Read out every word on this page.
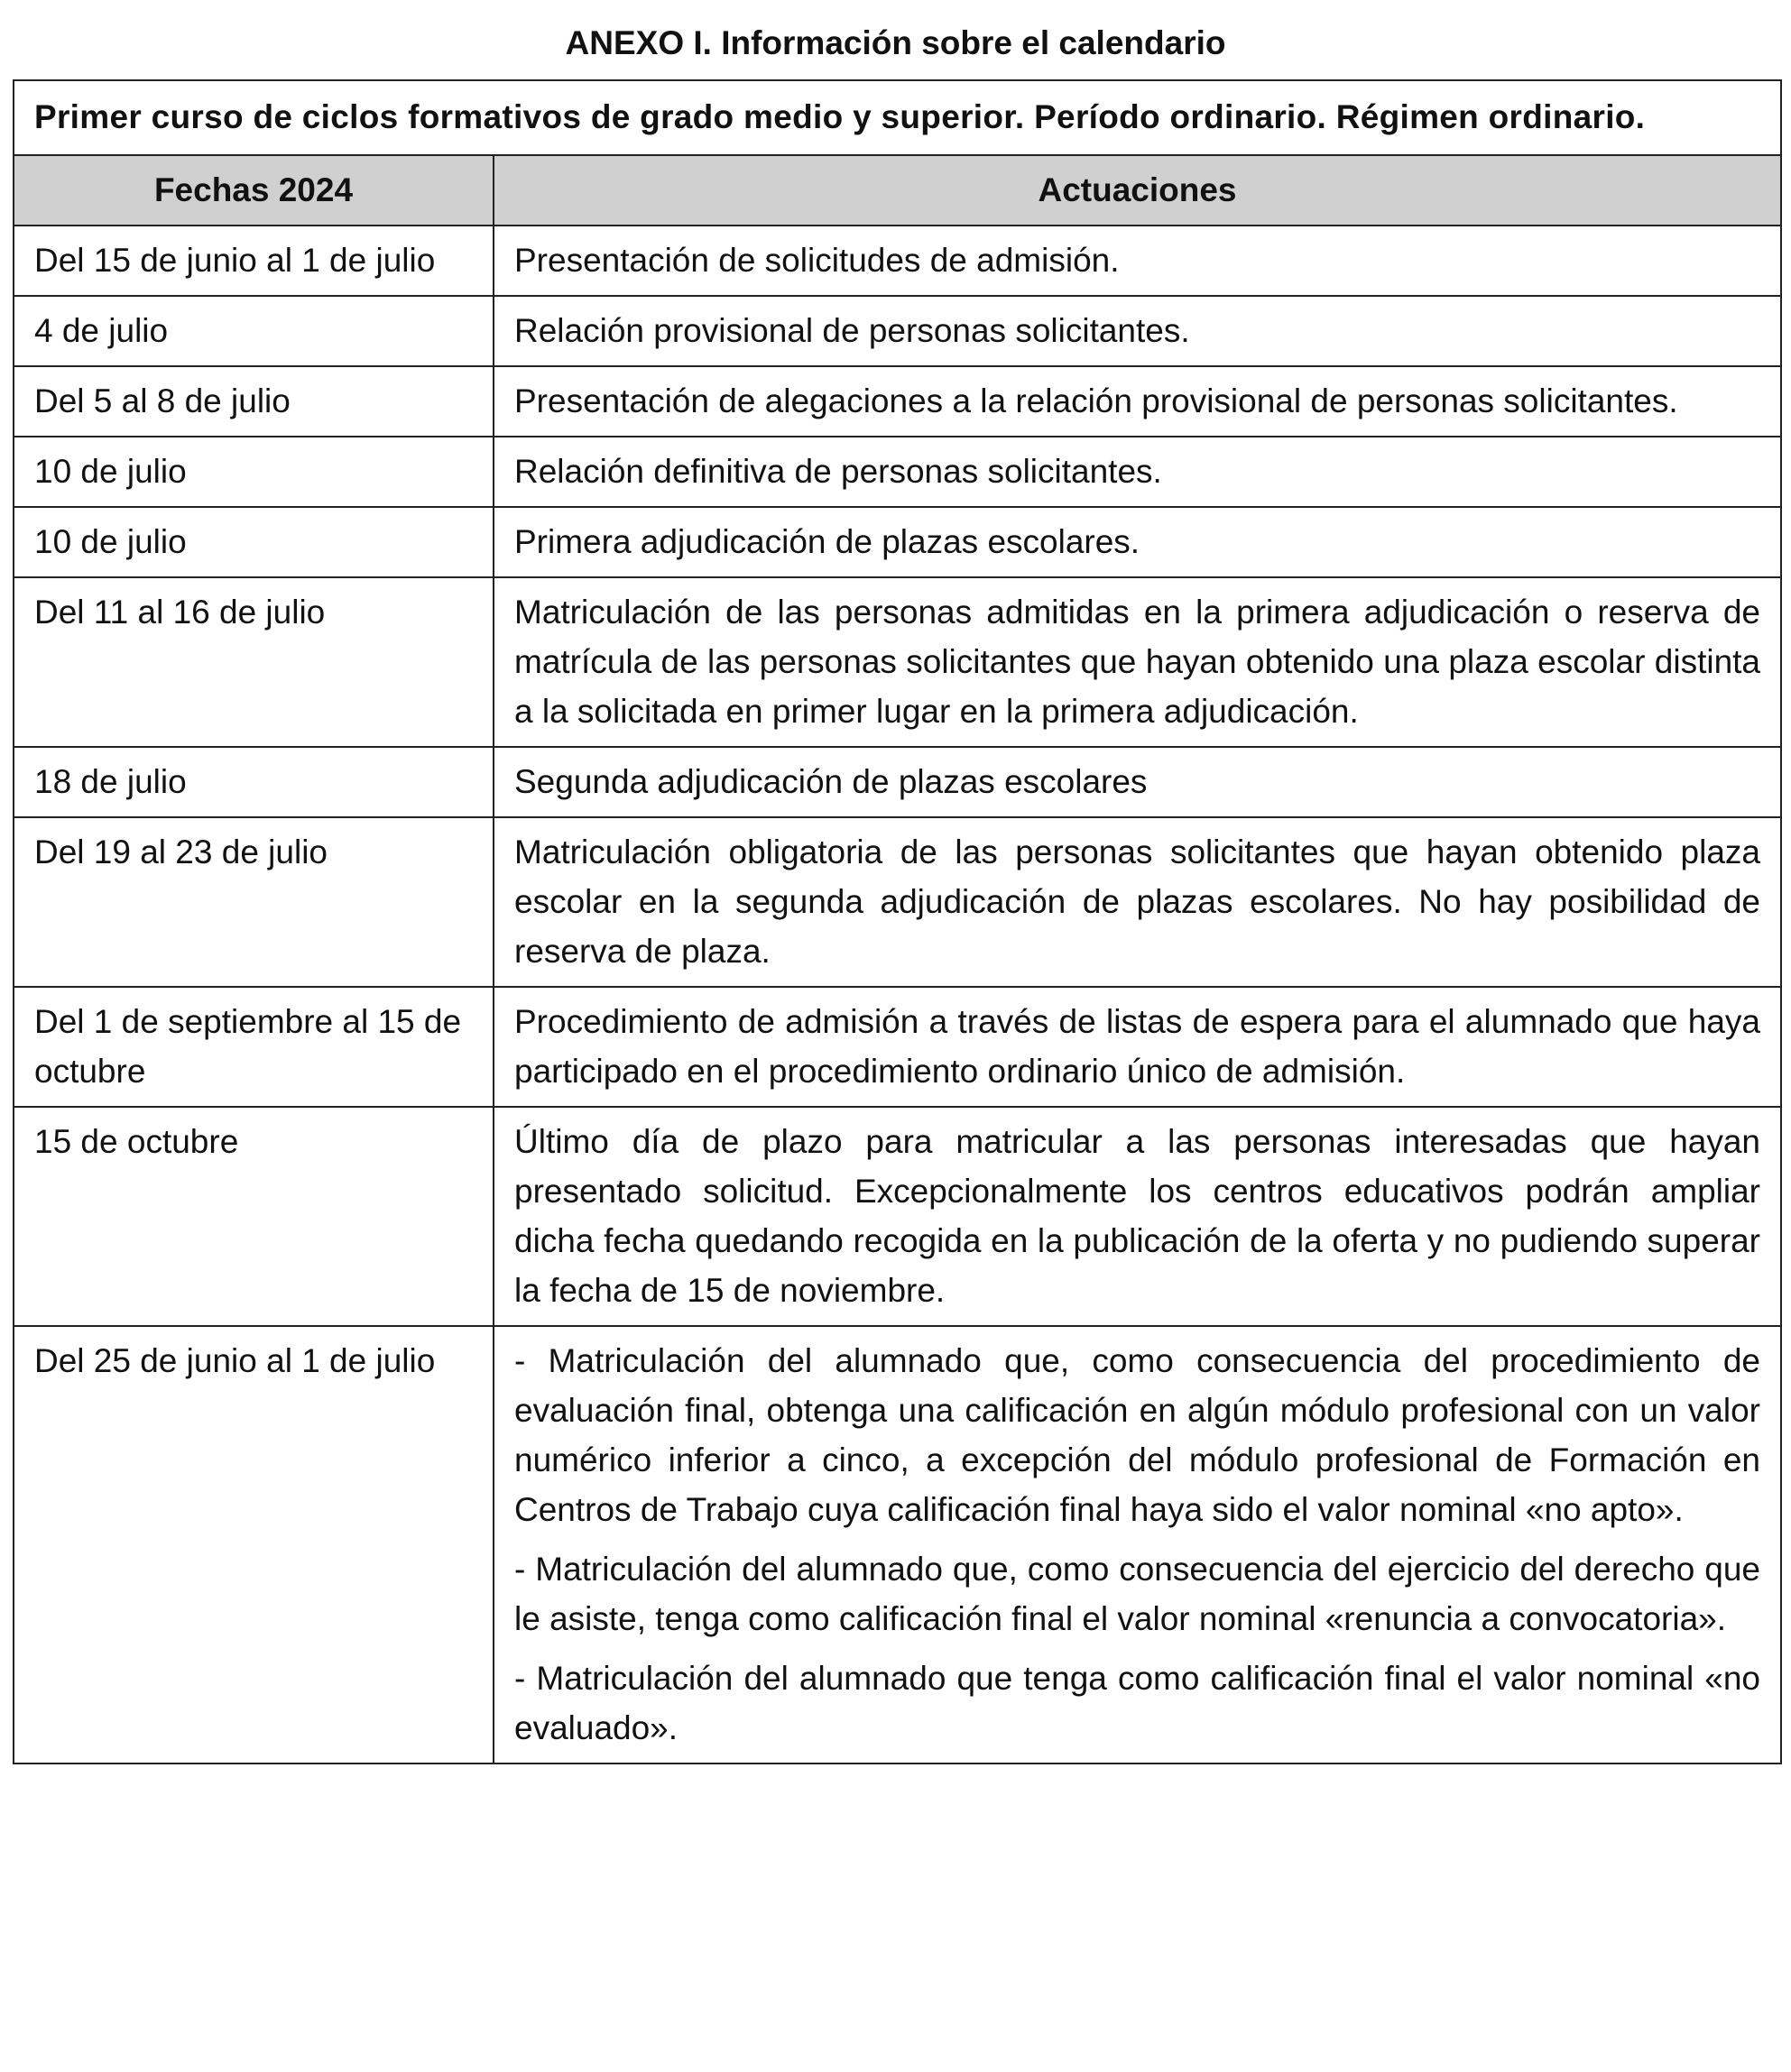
ANEXO I. Información sobre el calendario
Primer curso de ciclos formativos de grado medio y superior. Período ordinario. Régimen ordinario.	
Fechas 2024	Actuaciones
Del 15 de junio al 1 de julio	Presentación de solicitudes de admisión.

4 de julio	Relación provisional de personas solicitantes.

Del 5 al 8 de julio	Presentación de alegaciones a la relación provisional de personas solicitantes.

10 de julio	Relación definitiva de personas solicitantes.

10 de julio	Primera adjudicación de plazas escolares.

Del 11 al 16 de julio	Matriculación de las personas admitidas en la primera adjudicación o reserva de matrícula de las personas solicitantes que hayan obtenido una plaza escolar distinta a la solicitada en primer lugar en la primera adjudicación.

18 de julio	Segunda adjudicación de plazas escolares

Del 19 al 23 de julio	Matriculación obligatoria de las personas solicitantes que hayan obtenido plaza escolar en la segunda adjudicación de plazas escolares. No hay posibilidad de reserva de plaza.

Del 1 de septiembre al 15 de octubre	Procedimiento de admisión a través de listas de espera para el alumnado que haya participado en el procedimiento ordinario único de admisión.

15 de octubre	Último día de plazo para matricular a las personas interesadas que hayan presentado solicitud. Excepcionalmente los centros educativos podrán ampliar dicha fecha quedando recogida en la publicación de la oferta y no pudiendo superar la fecha de 15 de noviembre.

Del 25 de junio al 1 de julio	- Matriculación del alumnado que, como consecuencia del procedimiento de evaluación final, obtenga una calificación en algún módulo profesional con un valor numérico inferior a cinco, a excepción del módulo profesional de Formación en Centros de Trabajo cuya calificación final haya sido el valor nominal «no apto».
- Matriculación del alumnado que, como consecuencia del ejercicio del derecho que le asiste, tenga como calificación final el valor nominal «renuncia a convocatoria».
- Matriculación del alumnado que tenga como calificación final el valor nominal «no evaluado».
